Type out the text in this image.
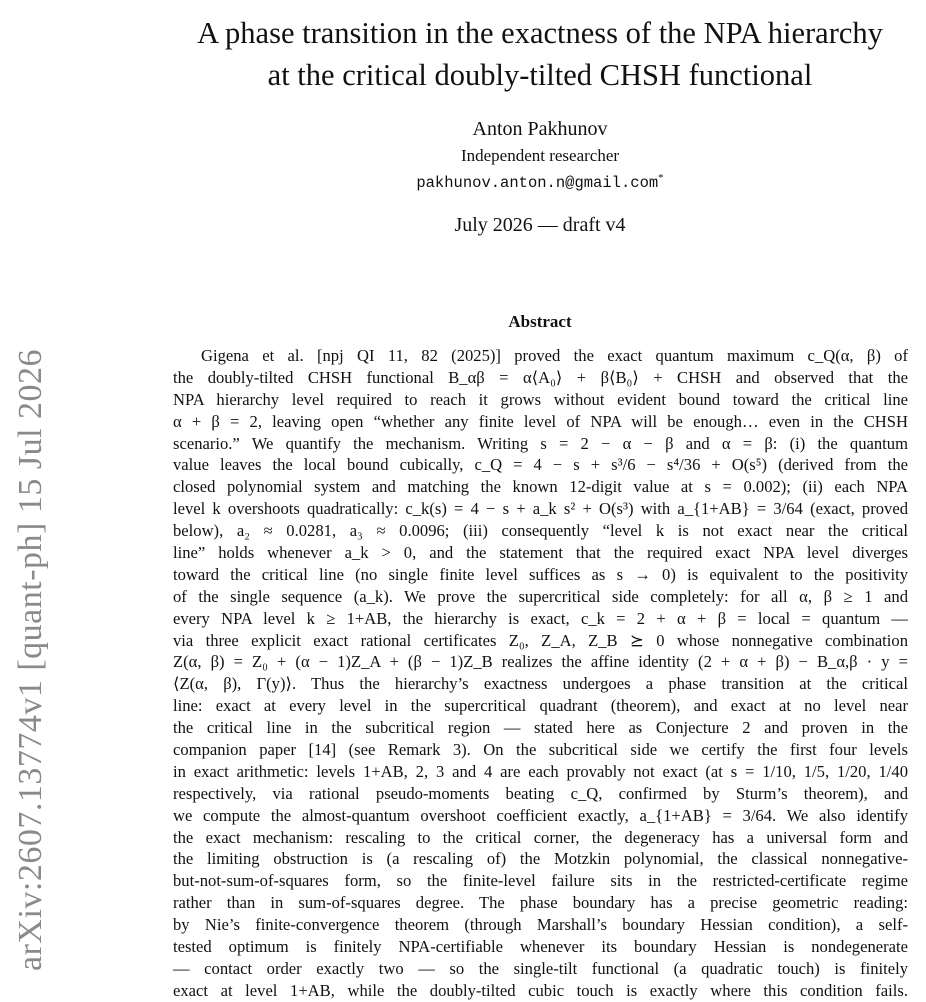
arXiv:2607.13774v1 [quant-ph] 15 Jul 2026
A phase transition in the exactness of the NPA hierarchy
at the critical doubly-tilted CHSH functional
Anton Pakhunov
Independent researcher
pakhunov.anton.n@gmail.com*
July 2026 — draft v4
Abstract
Gigena et al. [npj QI 11, 82 (2025)] proved the exact quantum maximum c_Q(α, β) of
the doubly-tilted CHSH functional B_αβ = α⟨A₀⟩ + β⟨B₀⟩ + CHSH and observed that the
NPA hierarchy level required to reach it grows without evident bound toward the critical line
α + β = 2, leaving open “whether any finite level of NPA will be enough… even in the CHSH
scenario.” We quantify the mechanism. Writing s = 2 − α − β and α = β: (i) the quantum
value leaves the local bound cubically, c_Q = 4 − s + s³/6 − s⁴/36 + O(s⁵) (derived from the
closed polynomial system and matching the known 12-digit value at s = 0.002); (ii) each NPA
level k overshoots quadratically: c_k(s) = 4 − s + a_k s² + O(s³) with a_{1+AB} = 3/64 (exact, proved
below), a₂ ≈ 0.0281, a₃ ≈ 0.0096; (iii) consequently “level k is not exact near the critical
line” holds whenever a_k > 0, and the statement that the required exact NPA level diverges
toward the critical line (no single finite level suffices as s → 0) is equivalent to the positivity
of the single sequence (a_k). We prove the supercritical side completely: for all α, β ≥ 1 and
every NPA level k ≥ 1+AB, the hierarchy is exact, c_k = 2 + α + β = local = quantum —
via three explicit exact rational certificates Z₀, Z_A, Z_B ⪰ 0 whose nonnegative combination
Z(α, β) = Z₀ + (α − 1)Z_A + (β − 1)Z_B realizes the affine identity (2 + α + β) − B_α,β · y =
⟨Z(α, β), Γ(y)⟩. Thus the hierarchy’s exactness undergoes a phase transition at the critical
line: exact at every level in the supercritical quadrant (theorem), and exact at no level near
the critical line in the subcritical region — stated here as Conjecture 2 and proven in the
companion paper [14] (see Remark 3). On the subcritical side we certify the first four levels
in exact arithmetic: levels 1+AB, 2, 3 and 4 are each provably not exact (at s = 1/10, 1/5, 1/20, 1/40
respectively, via rational pseudo-moments beating c_Q, confirmed by Sturm’s theorem), and
we compute the almost-quantum overshoot coefficient exactly, a_{1+AB} = 3/64. We also identify
the exact mechanism: rescaling to the critical corner, the degeneracy has a universal form and
the limiting obstruction is (a rescaling of) the Motzkin polynomial, the classical nonnegative-
but-not-sum-of-squares form, so the finite-level failure sits in the restricted-certificate regime
rather than in sum-of-squares degree. The phase boundary has a precise geometric reading:
by Nie’s finite-convergence theorem (through Marshall’s boundary Hessian condition), a self-
tested optimum is finitely NPA-certifiable whenever its boundary Hessian is nondegenerate
— contact order exactly two — so the single-tilt functional (a quadratic touch) is finitely
exact at level 1+AB, while the doubly-tilted cubic touch is exactly where this condition fails.
